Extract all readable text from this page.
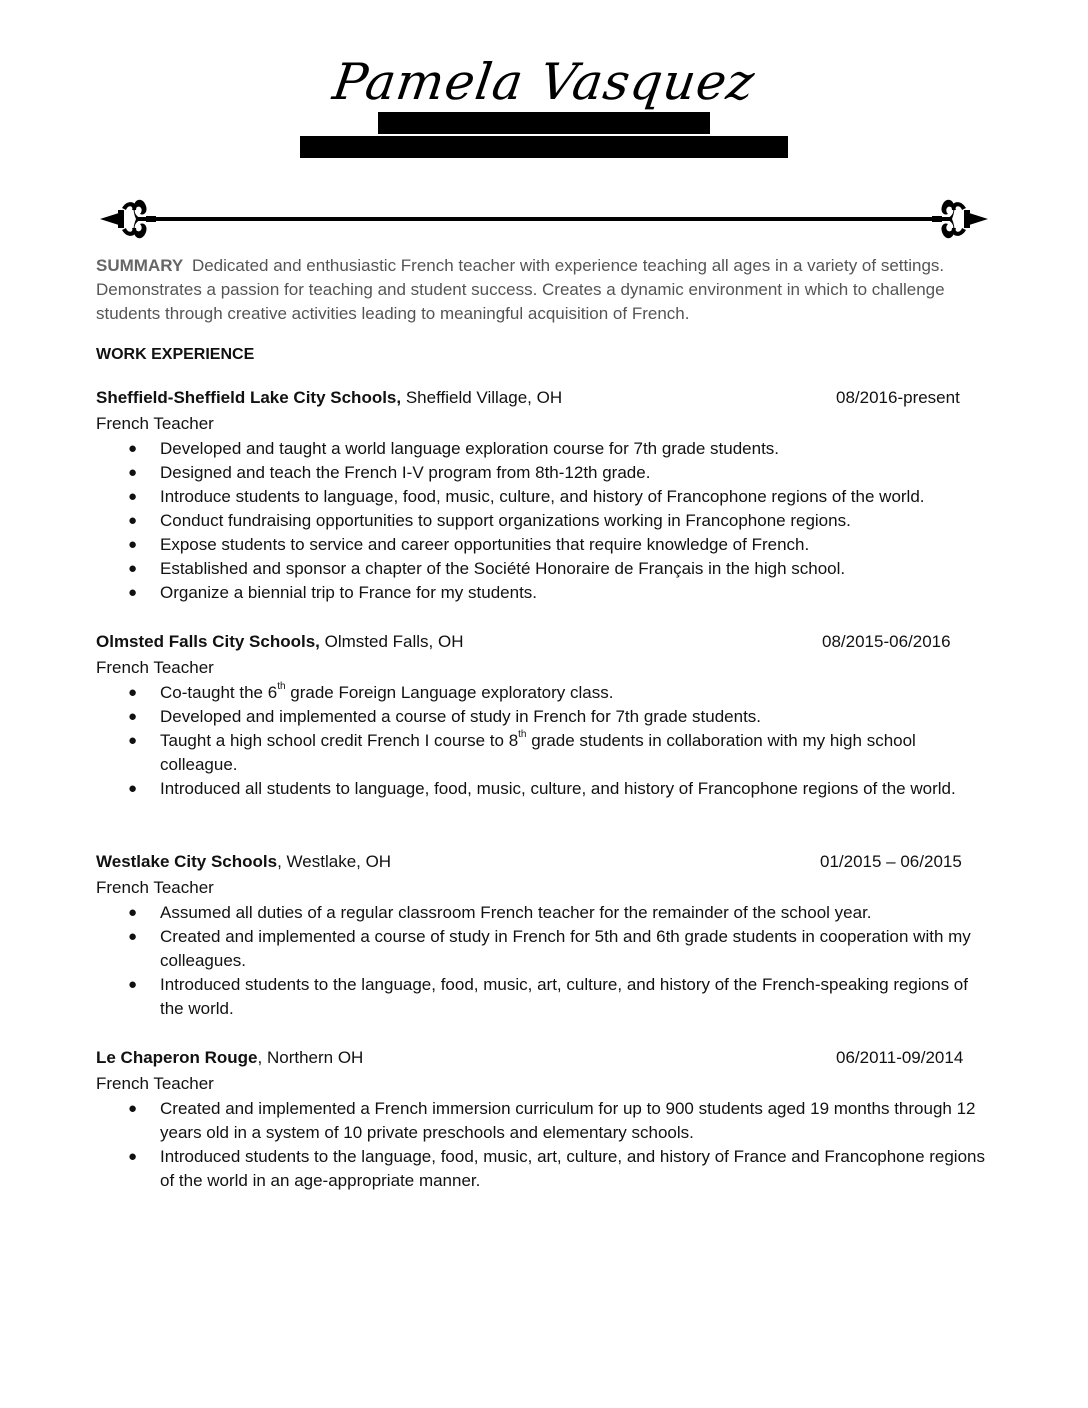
Pamela Vasquez
SUMMARY Dedicated and enthusiastic French teacher with experience teaching all ages in a variety of settings. Demonstrates a passion for teaching and student success. Creates a dynamic environment in which to challenge students through creative activities leading to meaningful acquisition of French.
WORK EXPERIENCE
Sheffield-Sheffield Lake City Schools, Sheffield Village, OH	08/2016-present
French Teacher
● Developed and taught a world language exploration course for 7th grade students.
● Designed and teach the French I-V program from 8th-12th grade.
● Introduce students to language, food, music, culture, and history of Francophone regions of the world.
● Conduct fundraising opportunities to support organizations working in Francophone regions.
● Expose students to service and career opportunities that require knowledge of French.
● Established and sponsor a chapter of the Société Honoraire de Français in the high school.
● Organize a biennial trip to France for my students.
Olmsted Falls City Schools, Olmsted Falls, OH	08/2015-06/2016
French Teacher
● Co-taught the 6th grade Foreign Language exploratory class.
● Developed and implemented a course of study in French for 7th grade students.
● Taught a high school credit French I course to 8th grade students in collaboration with my high school colleague.
● Introduced all students to language, food, music, culture, and history of Francophone regions of the world.
Westlake City Schools, Westlake, OH	01/2015 – 06/2015
French Teacher
● Assumed all duties of a regular classroom French teacher for the remainder of the school year.
● Created and implemented a course of study in French for 5th and 6th grade students in cooperation with my colleagues.
● Introduced students to the language, food, music, art, culture, and history of the French-speaking regions of the world.
Le Chaperon Rouge, Northern OH	06/2011-09/2014
French Teacher
● Created and implemented a French immersion curriculum for up to 900 students aged 19 months through 12 years old in a system of 10 private preschools and elementary schools.
● Introduced students to the language, food, music, art, culture, and history of France and Francophone regions of the world in an age-appropriate manner.
